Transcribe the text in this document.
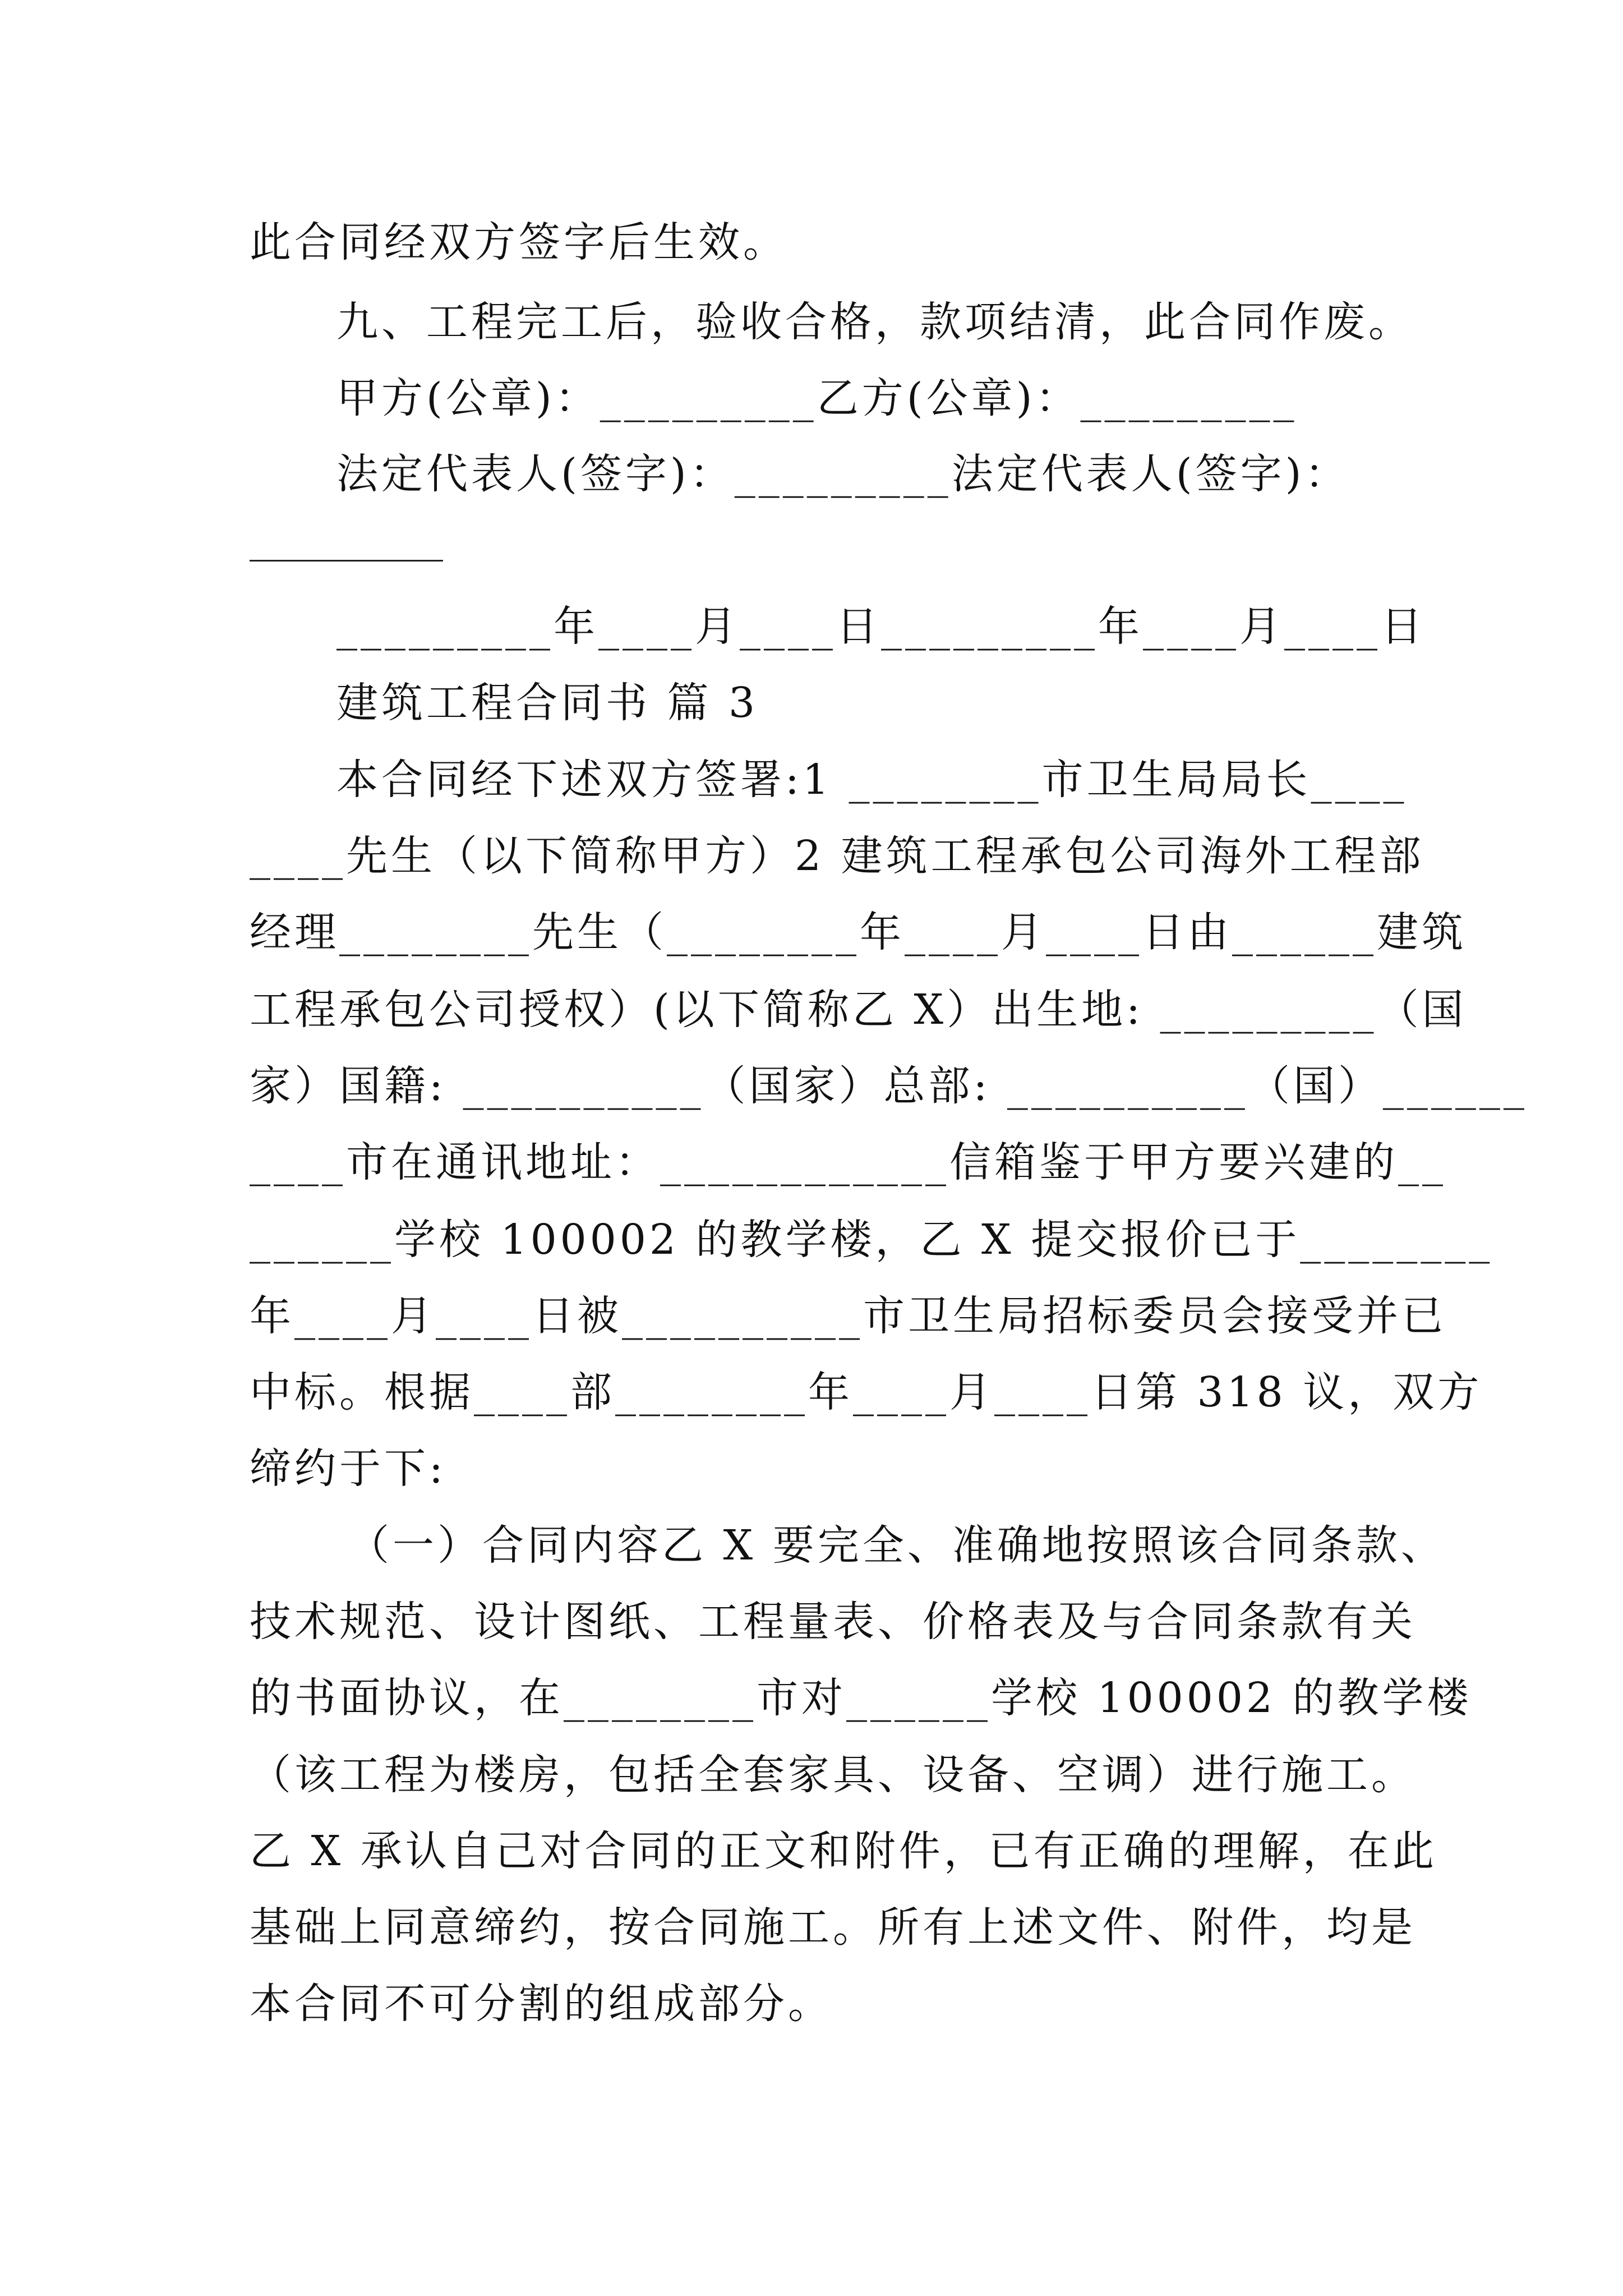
此合同经双方签字后生效。
九、工程完工后，验收合格，款项结清，此合同作废。
甲方(公章)：_________乙方(公章)：_________
法定代表人(签字)：_________法定代表人(签字)：
_________年____月____日_________年____月____日
建筑工程合同书 篇 3
本合同经下述双方签署:1 ________市卫生局局长____
____先生（以下简称甲方）2 建筑工程承包公司海外工程部
经理________先生（________年____月____日由______建筑
工程承包公司授权）(以下简称乙 X）出生地: _________（国
家）国籍: __________（国家）总部: __________（国）______
____市在通讯地址：____________信箱鉴于甲方要兴建的__
______学校 100002 的教学楼，乙 X 提交报价已于________
年____月____日被__________市卫生局招标委员会接受并已
中标。根据____部________年____月____日第 318 议，双方
缔约于下:
（一）合同内容乙 X 要完全、准确地按照该合同条款、
技术规范、设计图纸、工程量表、价格表及与合同条款有关
的书面协议，在________市对______学校 100002 的教学楼
（该工程为楼房，包括全套家具、设备、空调）进行施工。
乙 X 承认自己对合同的正文和附件，已有正确的理解，在此
基础上同意缔约，按合同施工。所有上述文件、附件，均是
本合同不可分割的组成部分。
